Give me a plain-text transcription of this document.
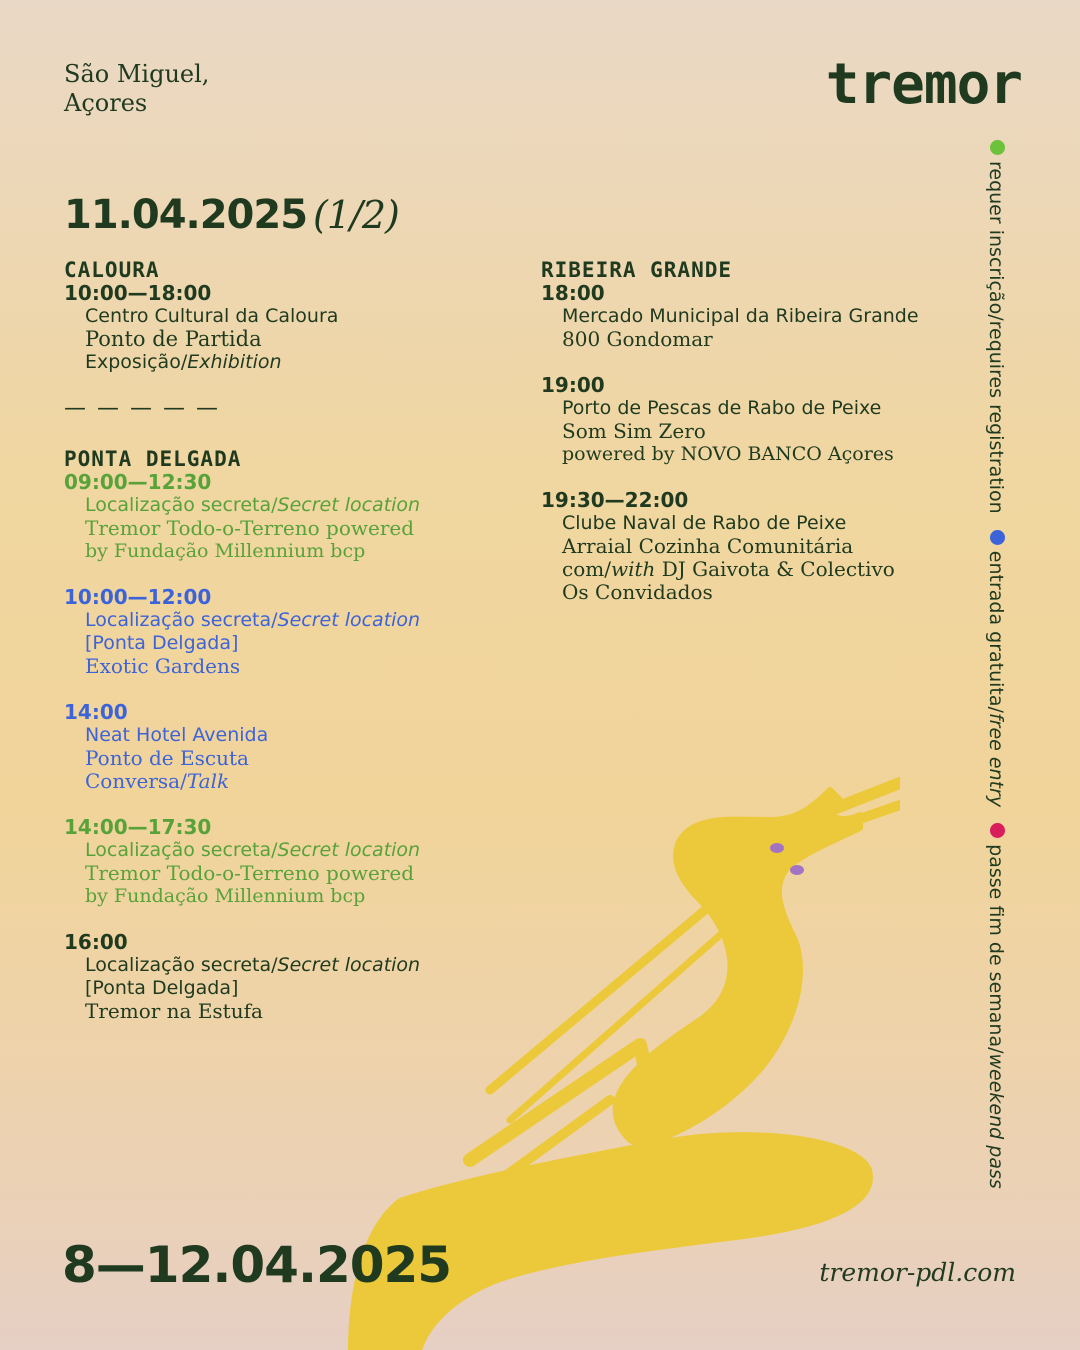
São Miguel,
Açores	tremor
11.04.2025 (1/2)
CALOURA
10:00—18:00
Centro Cultural da Caloura
Ponto de Partida
Exposição/Exhibition
— — — — —
PONTA DELGADA
09:00—12:30
Localização secreta/Secret location
Tremor Todo-o-Terreno powered
by Fundação Millennium bcp
10:00—12:00
Localização secreta/Secret location
[Ponta Delgada]
Exotic Gardens
14:00
Neat Hotel Avenida
Ponto de Escuta
Conversa/Talk
14:00—17:30
Localização secreta/Secret location
Tremor Todo-o-Terreno powered
by Fundação Millennium bcp
16:00
Localização secreta/Secret location
[Ponta Delgada]
Tremor na Estufa
RIBEIRA GRANDE
18:00
Mercado Municipal da Ribeira Grande
800 Gondomar
19:00
Porto de Pescas de Rabo de Peixe
Som Sim Zero
powered by NOVO BANCO Açores
19:30—22:00
Clube Naval de Rabo de Peixe
Arraial Cozinha Comunitária
com/with DJ Gaivota & Colectivo
Os Convidados
requer inscrição/requires registration entrada gratuita/free entry passe fim de semana/weekend pass
8—12.04.2025	tremor-pdl.com
